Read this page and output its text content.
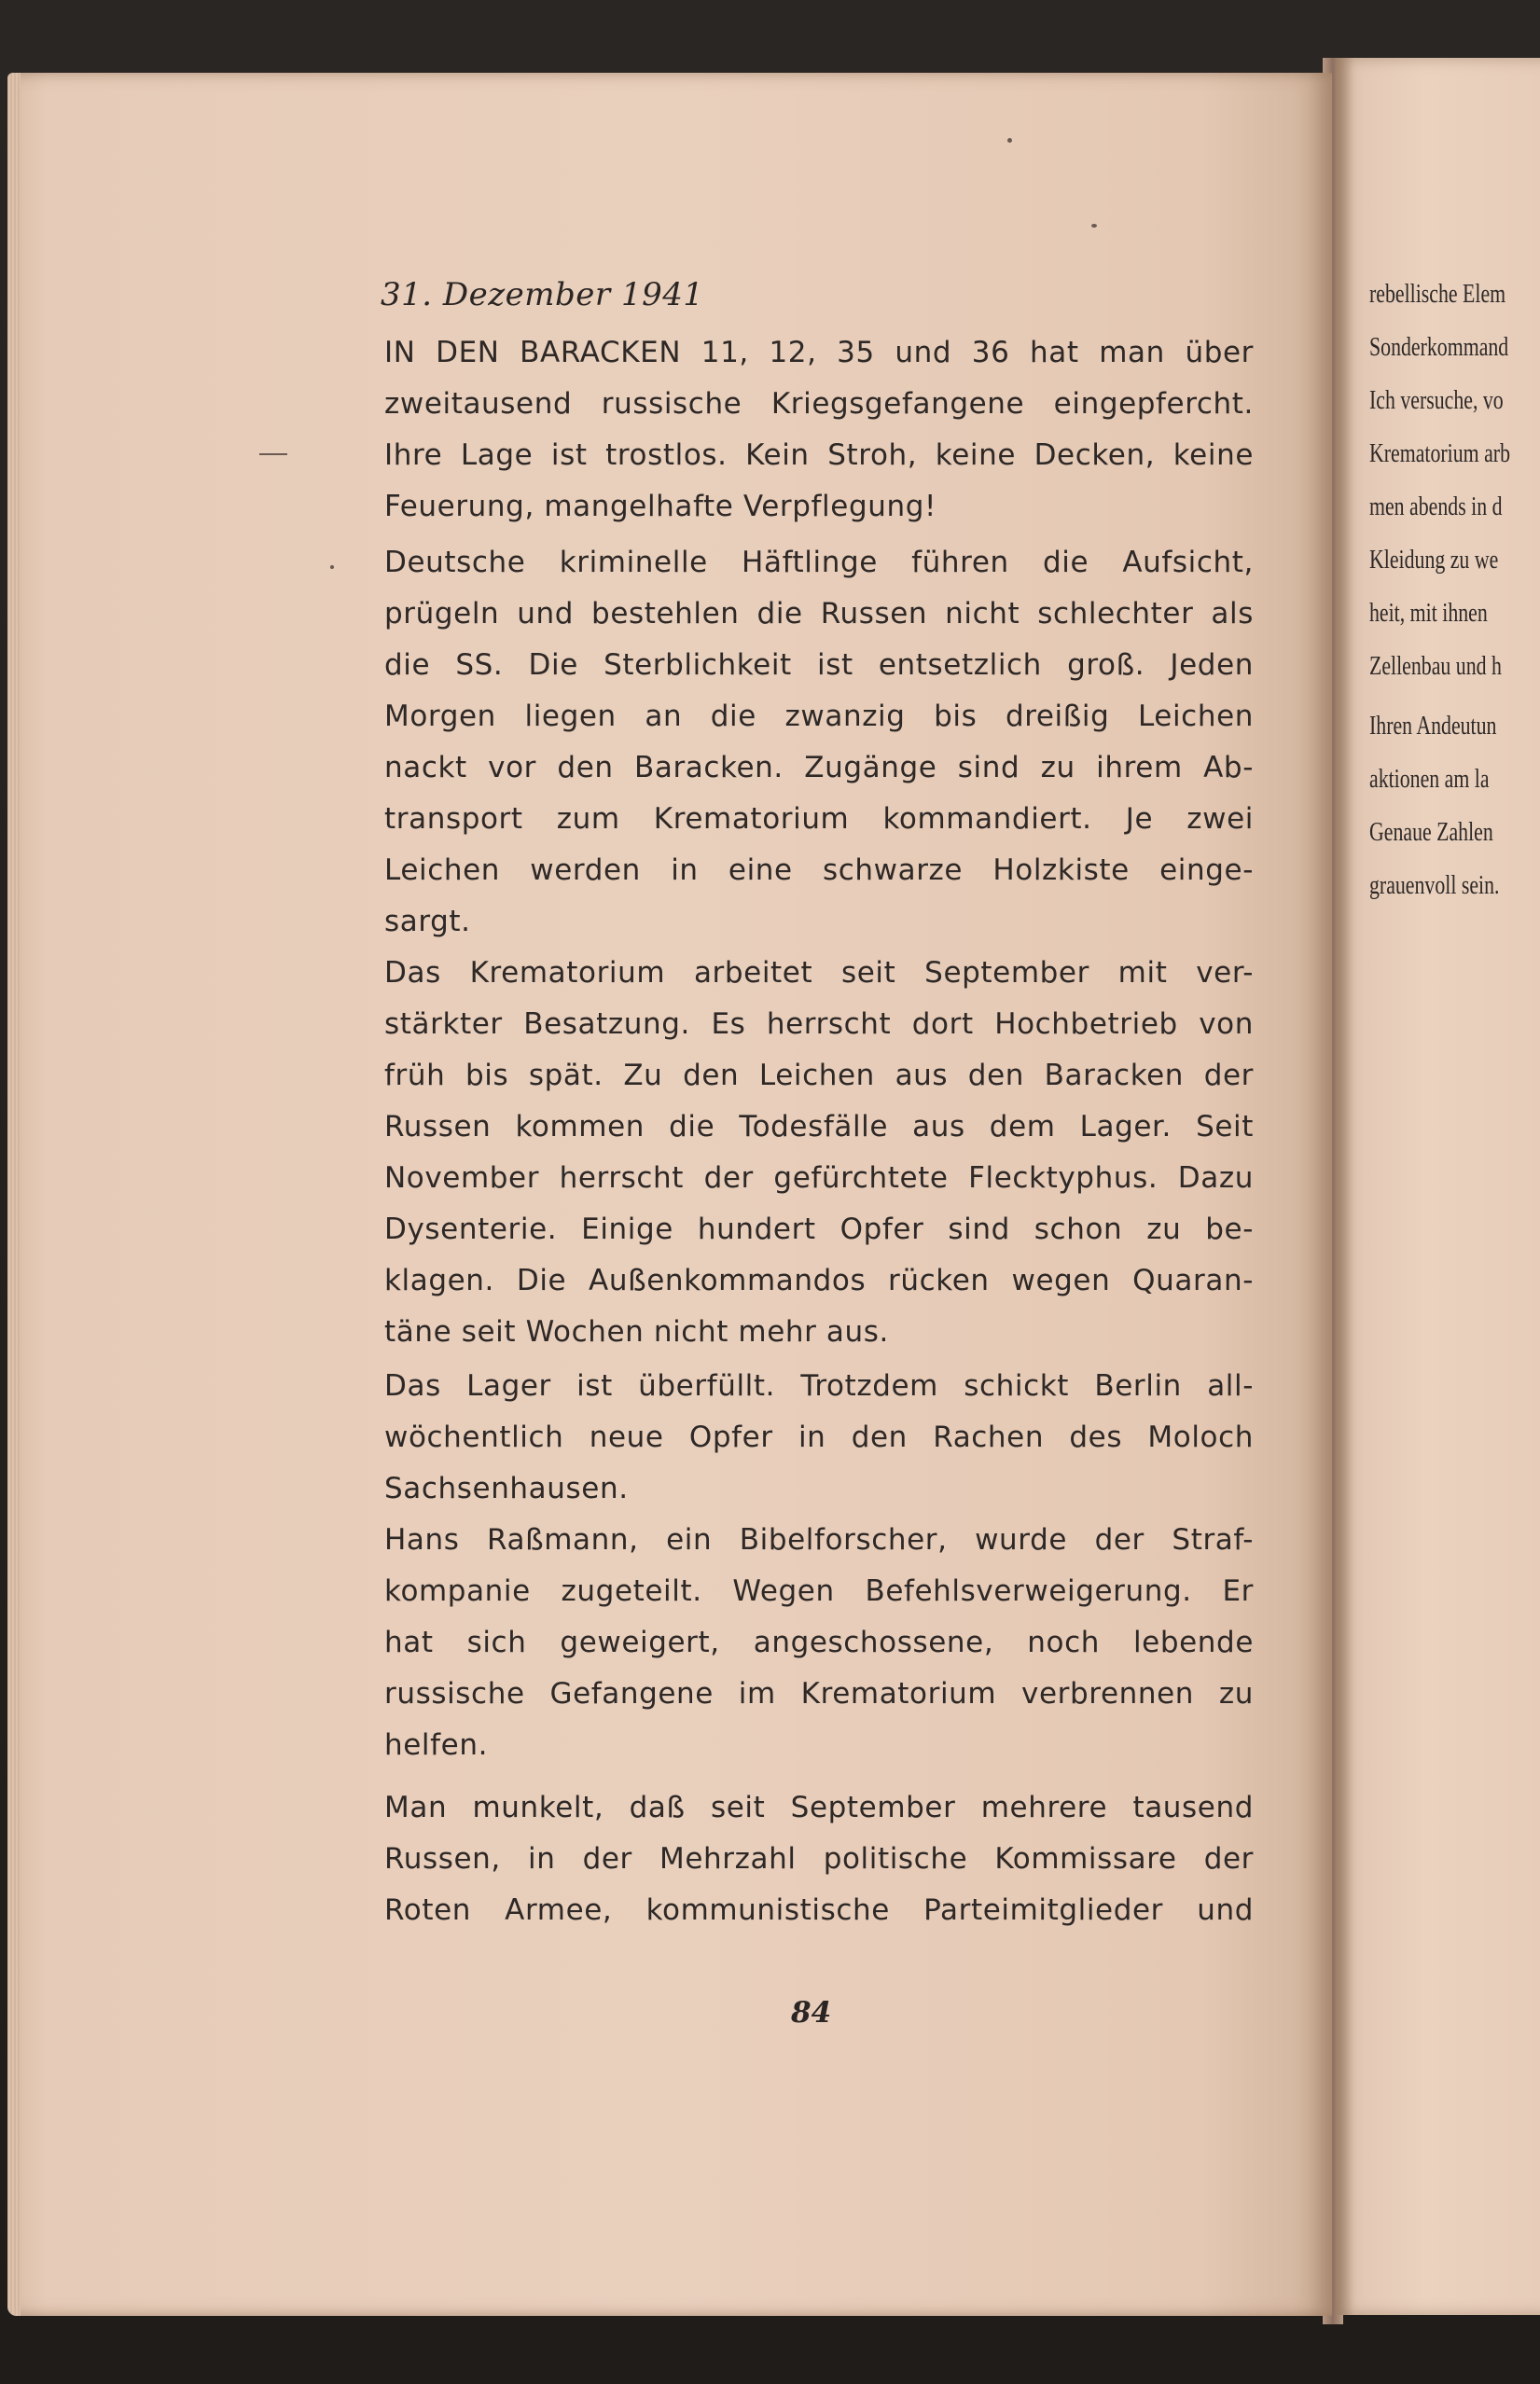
31. Dezember 1941
IN DEN BARACKEN 11, 12, 35 und 36 hat man über
zweitausend russische Kriegsgefangene eingepfercht.
Ihre Lage ist trostlos. Kein Stroh, keine Decken, keine
Feuerung, mangelhafte Verpflegung!
Deutsche kriminelle Häftlinge führen die Aufsicht,
prügeln und bestehlen die Russen nicht schlechter als
die SS. Die Sterblichkeit ist entsetzlich groß. Jeden
Morgen liegen an die zwanzig bis dreißig Leichen
nackt vor den Baracken. Zugänge sind zu ihrem Ab-
transport zum Krematorium kommandiert. Je zwei
Leichen werden in eine schwarze Holzkiste einge-
sargt.
Das Krematorium arbeitet seit September mit ver-
stärkter Besatzung. Es herrscht dort Hochbetrieb von
früh bis spät. Zu den Leichen aus den Baracken der
Russen kommen die Todesfälle aus dem Lager. Seit
November herrscht der gefürchtete Flecktyphus. Dazu
Dysenterie. Einige hundert Opfer sind schon zu be-
klagen. Die Außenkommandos rücken wegen Quaran-
täne seit Wochen nicht mehr aus.
Das Lager ist überfüllt. Trotzdem schickt Berlin all-
wöchentlich neue Opfer in den Rachen des Moloch
Sachsenhausen.
Hans Raßmann, ein Bibelforscher, wurde der Straf-
kompanie zugeteilt. Wegen Befehlsverweigerung. Er
hat sich geweigert, angeschossene, noch lebende
russische Gefangene im Krematorium verbrennen zu
helfen.
Man munkelt, daß seit September mehrere tausend
Russen, in der Mehrzahl politische Kommissare der
Roten Armee, kommunistische Parteimitglieder und
84
rebellische Elem
Sonderkommand
Ich versuche, vo
Krematorium arb
men abends in d
Kleidung zu we
heit, mit ihnen
Zellenbau und h
Ihren Andeutun
aktionen am la
Genaue Zahlen
grauenvoll sein.
